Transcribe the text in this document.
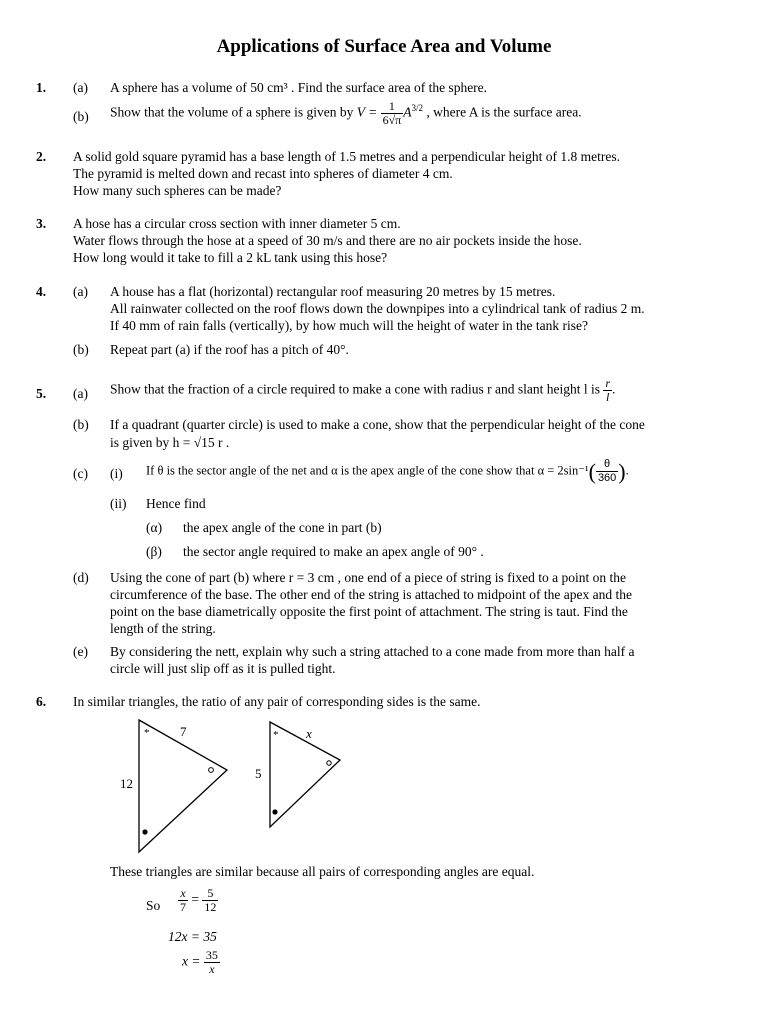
Applications of Surface Area and Volume
1. (a) A sphere has a volume of 50 cm³ . Find the surface area of the sphere.
(b) Show that the volume of a sphere is given by $V = \frac{1}{6√\pi} A^{3/2}$ , where A is the surface area.
2. A solid gold square pyramid has a base length of 1.5 metres and a perpendicular height of 1.8 metres.
The pyramid is melted down and recast into spheres of diameter 4 cm.
How many such spheres can be made?
3. A hose has a circular cross section with inner diameter 5 cm.
Water flows through the hose at a speed of 30 m/s and there are no air pockets inside the hose.
How long would it take to fill a 2 kL tank using this hose?
4. (a) A house has a flat (horizontal) rectangular roof measuring 20 metres by 15 metres.
All rainwater collected on the roof flows down the downpipes into a cylindrical tank of radius 2 m.
If 40 mm of rain falls (vertically), by how much will the height of water in the tank rise?
(b) Repeat part (a) if the roof has a pitch of 40°.
5. (a) Show that the fraction of a circle required to make a cone with radius r and slant height l is $\frac{r}{l}$ .
(b) If a quadrant (quarter circle) is used to make a cone, show that the perpendicular height of the cone
is given by h = √15 r .
(c) (i) If θ is the sector angle of the net and α is the apex angle of the cone show that $\alpha = 2\sin^{-1}( \frac{\theta}{360}$ ).
(ii) Hence find
(α) the apex angle of the cone in part (b)
(β) the sector angle required to make an apex angle of 90° .
(d) Using the cone of part (b) where r = 3 cm , one end of a piece of string is fixed to a point on the
circumference of the base. The other end of the string is attached to midpoint of the apex and the
point on the base diametrically opposite the first point of attachment. The string is taut. Find the
length of the string.
(e) By considering the nett, explain why such a string attached to a cone made from more than half a
circle will just slip off as it is pulled tight.
6. In similar triangles, the ratio of any pair of corresponding sides is the same.
* 7
12
* x
5
These triangles are similar because all pairs of corresponding angles are equal.
So $\frac{x}{7} = \frac{5}{12}$
12x = 35
$x = \frac{35}{x}$
